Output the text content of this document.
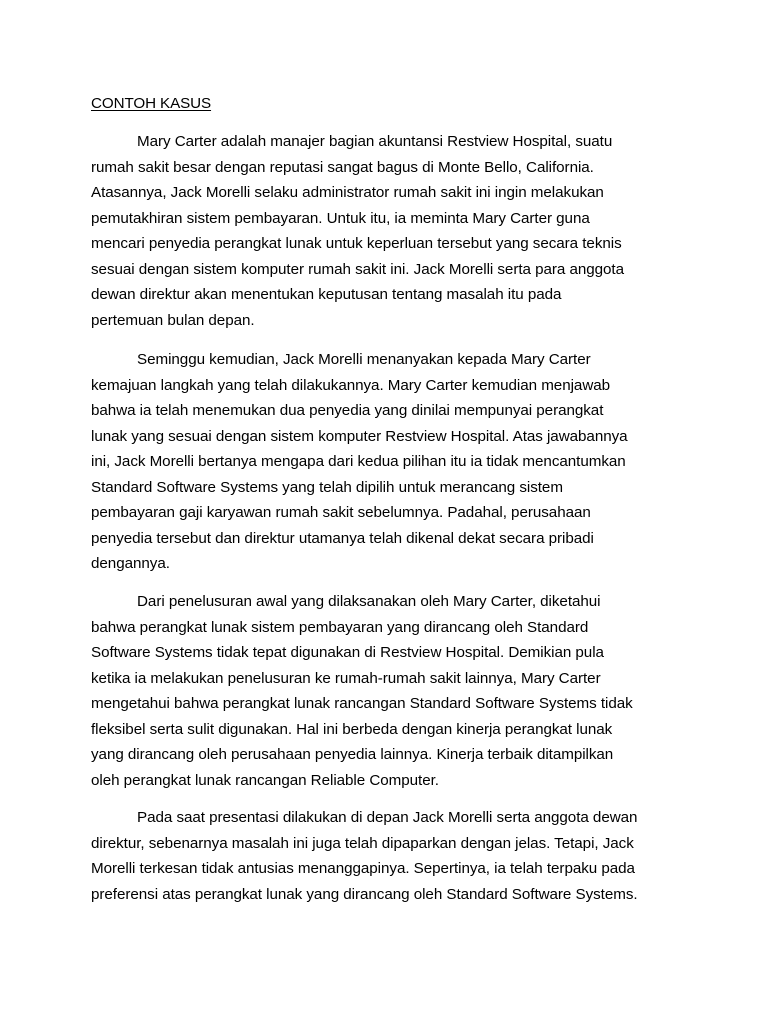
CONTOH KASUS
Mary Carter adalah manajer bagian akuntansi Restview Hospital, suatu
rumah sakit besar dengan reputasi sangat bagus di Monte Bello, California.
Atasannya, Jack Morelli selaku administrator rumah sakit ini ingin melakukan
pemutakhiran sistem pembayaran. Untuk itu, ia meminta Mary Carter guna
mencari penyedia perangkat lunak untuk keperluan tersebut yang secara teknis
sesuai dengan sistem komputer rumah sakit ini. Jack Morelli serta para anggota
dewan direktur akan menentukan keputusan tentang masalah itu pada
pertemuan bulan depan.
Seminggu kemudian, Jack Morelli menanyakan kepada Mary Carter
kemajuan langkah yang telah dilakukannya. Mary Carter kemudian menjawab
bahwa ia telah menemukan dua penyedia yang dinilai mempunyai perangkat
lunak yang sesuai dengan sistem komputer Restview Hospital. Atas jawabannya
ini, Jack Morelli bertanya mengapa dari kedua pilihan itu ia tidak mencantumkan
Standard Software Systems yang telah dipilih untuk merancang sistem
pembayaran gaji karyawan rumah sakit sebelumnya. Padahal, perusahaan
penyedia tersebut dan direktur utamanya telah dikenal dekat secara pribadi
dengannya.
Dari penelusuran awal yang dilaksanakan oleh Mary Carter, diketahui
bahwa perangkat lunak sistem pembayaran yang dirancang oleh Standard
Software Systems tidak tepat digunakan di Restview Hospital. Demikian pula
ketika ia melakukan penelusuran ke rumah-rumah sakit lainnya, Mary Carter
mengetahui bahwa perangkat lunak rancangan Standard Software Systems tidak
fleksibel serta sulit digunakan. Hal ini berbeda dengan kinerja perangkat lunak
yang dirancang oleh perusahaan penyedia lainnya. Kinerja terbaik ditampilkan
oleh perangkat lunak rancangan Reliable Computer.
Pada saat presentasi dilakukan di depan Jack Morelli serta anggota dewan
direktur, sebenarnya masalah ini juga telah dipaparkan dengan jelas. Tetapi, Jack
Morelli terkesan tidak antusias menanggapinya. Sepertinya, ia telah terpaku pada
preferensi atas perangkat lunak yang dirancang oleh Standard Software Systems.
